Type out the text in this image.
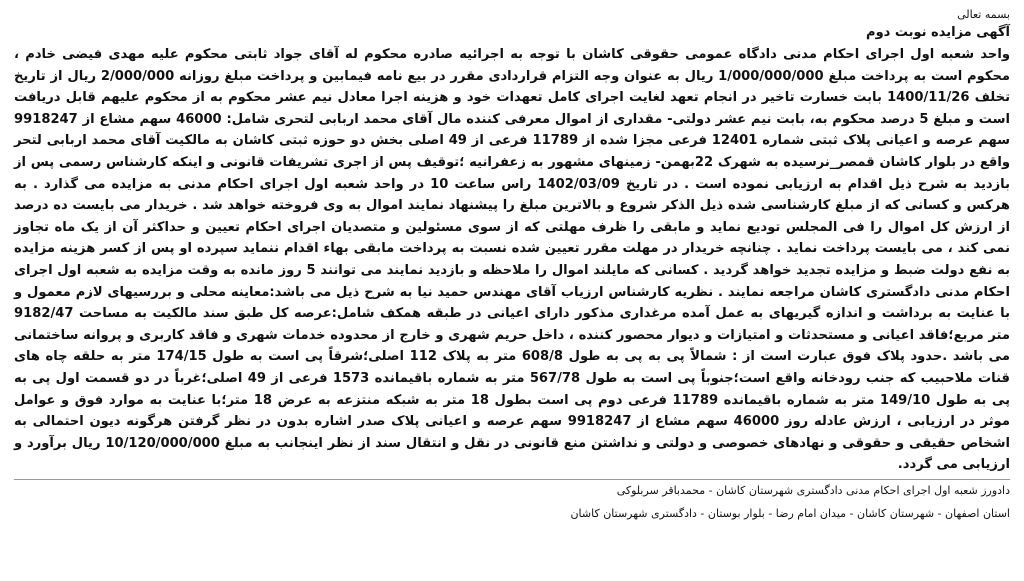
بسمه تعالی
آگهی مزایده نوبت دوم
واحد شعبه اول اجرای احکام مدنی دادگاه عمومی حقوقی کاشان با توجه به اجرائیه صادره محکوم له آقای جواد ثابتی محکوم علیه مهدی فیضی خادم ، محکوم است به پرداخت مبلغ 1/000/000/000 ریال به عنوان وجه التزام قراردادی مقرر در بیع نامه فیمابین و پرداخت مبلغ روزانه 2/000/000 ریال از تاریخ تخلف 1400/11/26 بابت خسارت تاخیر در انجام تعهد لغایت اجرای کامل تعهدات خود و هزینه اجرا معادل نیم عشر محکوم به از محکوم علیهم قابل دریافت است و مبلغ 5 درصد محکوم به، بابت نیم عشر دولتی- مقداری از اموال معرفی کننده مال آقای محمد اربابی لتحری شامل: 46000 سهم مشاع از 9918247 سهم عرصه و اعیانی پلاک ثبتی شماره 12401 فرعی مجزا شده از 11789 فرعی از 49 اصلی بخش دو حوزه ثبتی کاشان به مالکیت آقای محمد اربابی لتحر واقع در بلوار کاشان قمصر_نرسیده به شهرک 22بهمن- زمینهای مشهور به زعفرانیه ؛توقیف پس از اجری تشریفات قانونی و اینکه کارشناس رسمی پس از بازدید به شرح ذیل اقدام به ارزیابی نموده است . در تاریخ 1402/03/09 راس ساعت 10 در واحد شعبه اول اجرای احکام مدنی به مزایده می گذارد . به هرکس و کسانی که از مبلغ کارشناسی شده ذیل الذکر شروع و بالاترین مبلغ را پیشنهاد نمایند اموال به وی فروخته خواهد شد . خریدار می بایست ده درصد از ارزش کل اموال را فی المجلس تودیع نماید و مابقی را ظرف مهلتی که از سوی مسئولین و متصدیان اجرای احکام تعیین و حداکثر آن از یک ماه تجاوز نمی کند ، می بایست پرداخت نماید . چنانچه خریدار در مهلت مقرر تعیین شده نسبت به پرداخت مابقی بهاء اقدام ننماید سپرده او پس از کسر هزینه مزایده به نفع دولت ضبط و مزایده تجدید خواهد گردید . کسانی که مایلند اموال را ملاحظه و بازدید نمایند می توانند 5 روز مانده به وقت مزایده به شعبه اول اجرای احکام مدنی دادگستری کاشان مراجعه نمایند . نظریه کارشناس ارزیاب آقای مهندس حمید نیا به شرح ذیل می باشد:معاینه محلی و بررسیهای لازم معمول و با عنایت به برداشت و اندازه گیریهای به عمل آمده مرغداری مذکور دارای اعیانی در طبقه همکف شامل:عرصه کل طبق سند مالکیت به مساحت 9182/47 متر مربع؛فاقد اعیانی و مستحدثات و امتیازات و دیوار محصور کننده ، داخل حریم شهری و خارج از محدوده خدمات شهری و فاقد کاربری و پروانه ساختمانی می باشد .حدود پلاک فوق عبارت است از : شمالاً پی به پی به طول 608/8 متر به پلاک 112 اصلی؛شرقاً پی است به طول 174/15 متر به حلقه چاه های قنات ملاحبیب که جنب رودخانه واقع است؛جنوباً پی است به طول 567/78 متر به شماره باقیمانده 1573 فرعی از 49 اصلی؛غرباً در دو قسمت اول پی به پی به طول 149/10 متر به شماره باقیمانده 11789 فرعی دوم پی است بطول 18 متر به شبکه منتزعه به عرض 18 متر؛با عنایت به موارد فوق و عوامل موثر در ارزیابی ، ارزش عادله روز 46000 سهم مشاع از 9918247 سهم عرصه و اعیانی پلاک صدر اشاره بدون در نظر گرفتن هرگونه دیون احتمالی به اشخاص حقیقی و حقوقی و نهادهای خصوصی و دولتی و نداشتن منع قانونی در نقل و انتقال سند از نظر اینجانب به مبلغ 10/120/000/000 ریال برآورد و ارزیابی می گردد.
دادورز شعبه اول اجرای احکام مدنی دادگستری شهرستان کاشان - محمدباقر سربلوکی
استان اصفهان - شهرستان کاشان - میدان امام رضا - بلوار بوستان - دادگستری شهرستان کاشان
